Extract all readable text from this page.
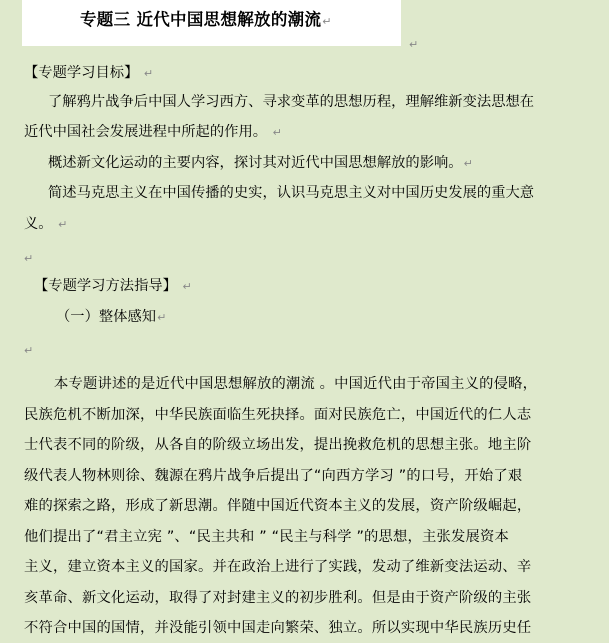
专题三 近代中国思想解放的潮流↵
↵
【专题学习目标】 ↵
了解鸦片战争后中国人学习西方、寻求变革的思想历程，理解维新变法思想在
近代中国社会发展进程中所起的作用。 ↵
概述新文化运动的主要内容，探讨其对近代中国思想解放的影响。↵
简述马克思主义在中国传播的史实，认识马克思主义对中国历史发展的重大意
义。 ↵
↵
【专题学习方法指导】 ↵
（一）整体感知↵
↵
本专题讲述的是近代中国思想解放的潮流 。中国近代由于帝国主义的侵略，
民族危机不断加深，中华民族面临生死抉择。面对民族危亡，中国近代的仁人志
士代表不同的阶级，从各自的阶级立场出发，提出挽救危机的思想主张。地主阶
级代表人物林则徐、魏源在鸦片战争后提出了“向西方学习 ”的口号，开始了艰
难的探索之路，形成了新思潮。伴随中国近代资本主义的发展，资产阶级崛起，
他们提出了“君主立宪 ”、“民主共和 ” “民主与科学 ”的思想，主张发展资本
主义，建立资本主义的国家。并在政治上进行了实践，发动了维新变法运动、辛
亥革命、新文化运动，取得了对封建主义的初步胜利。但是由于资产阶级的主张
不符合中国的国情，并没能引领中国走向繁荣、独立。所以实现中华民族历史任
